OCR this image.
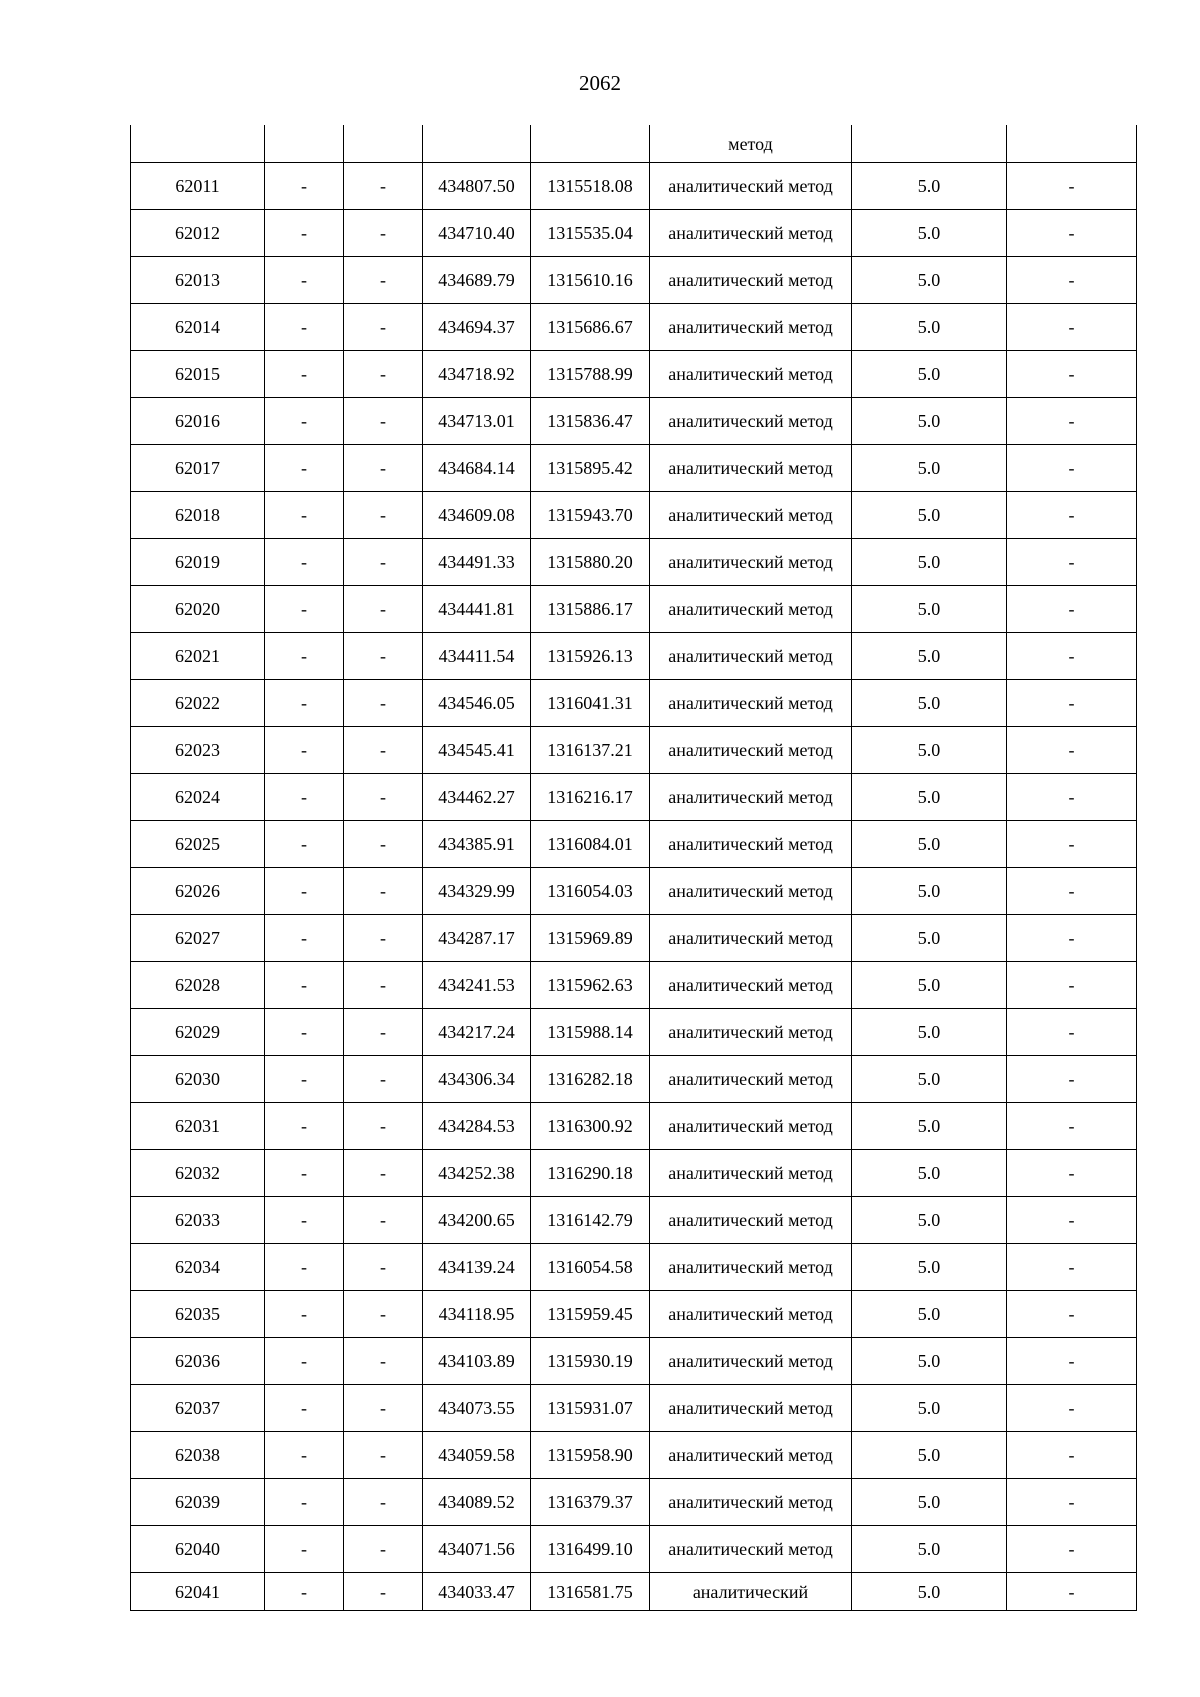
2062
					метод		
62011	-	-	434807.50	1315518.08	аналитический метод	5.0	-
62012	-	-	434710.40	1315535.04	аналитический метод	5.0	-
62013	-	-	434689.79	1315610.16	аналитический метод	5.0	-
62014	-	-	434694.37	1315686.67	аналитический метод	5.0	-
62015	-	-	434718.92	1315788.99	аналитический метод	5.0	-
62016	-	-	434713.01	1315836.47	аналитический метод	5.0	-
62017	-	-	434684.14	1315895.42	аналитический метод	5.0	-
62018	-	-	434609.08	1315943.70	аналитический метод	5.0	-
62019	-	-	434491.33	1315880.20	аналитический метод	5.0	-
62020	-	-	434441.81	1315886.17	аналитический метод	5.0	-
62021	-	-	434411.54	1315926.13	аналитический метод	5.0	-
62022	-	-	434546.05	1316041.31	аналитический метод	5.0	-
62023	-	-	434545.41	1316137.21	аналитический метод	5.0	-
62024	-	-	434462.27	1316216.17	аналитический метод	5.0	-
62025	-	-	434385.91	1316084.01	аналитический метод	5.0	-
62026	-	-	434329.99	1316054.03	аналитический метод	5.0	-
62027	-	-	434287.17	1315969.89	аналитический метод	5.0	-
62028	-	-	434241.53	1315962.63	аналитический метод	5.0	-
62029	-	-	434217.24	1315988.14	аналитический метод	5.0	-
62030	-	-	434306.34	1316282.18	аналитический метод	5.0	-
62031	-	-	434284.53	1316300.92	аналитический метод	5.0	-
62032	-	-	434252.38	1316290.18	аналитический метод	5.0	-
62033	-	-	434200.65	1316142.79	аналитический метод	5.0	-
62034	-	-	434139.24	1316054.58	аналитический метод	5.0	-
62035	-	-	434118.95	1315959.45	аналитический метод	5.0	-
62036	-	-	434103.89	1315930.19	аналитический метод	5.0	-
62037	-	-	434073.55	1315931.07	аналитический метод	5.0	-
62038	-	-	434059.58	1315958.90	аналитический метод	5.0	-
62039	-	-	434089.52	1316379.37	аналитический метод	5.0	-
62040	-	-	434071.56	1316499.10	аналитический метод	5.0	-
62041	-	-	434033.47	1316581.75	аналитический	5.0	-
